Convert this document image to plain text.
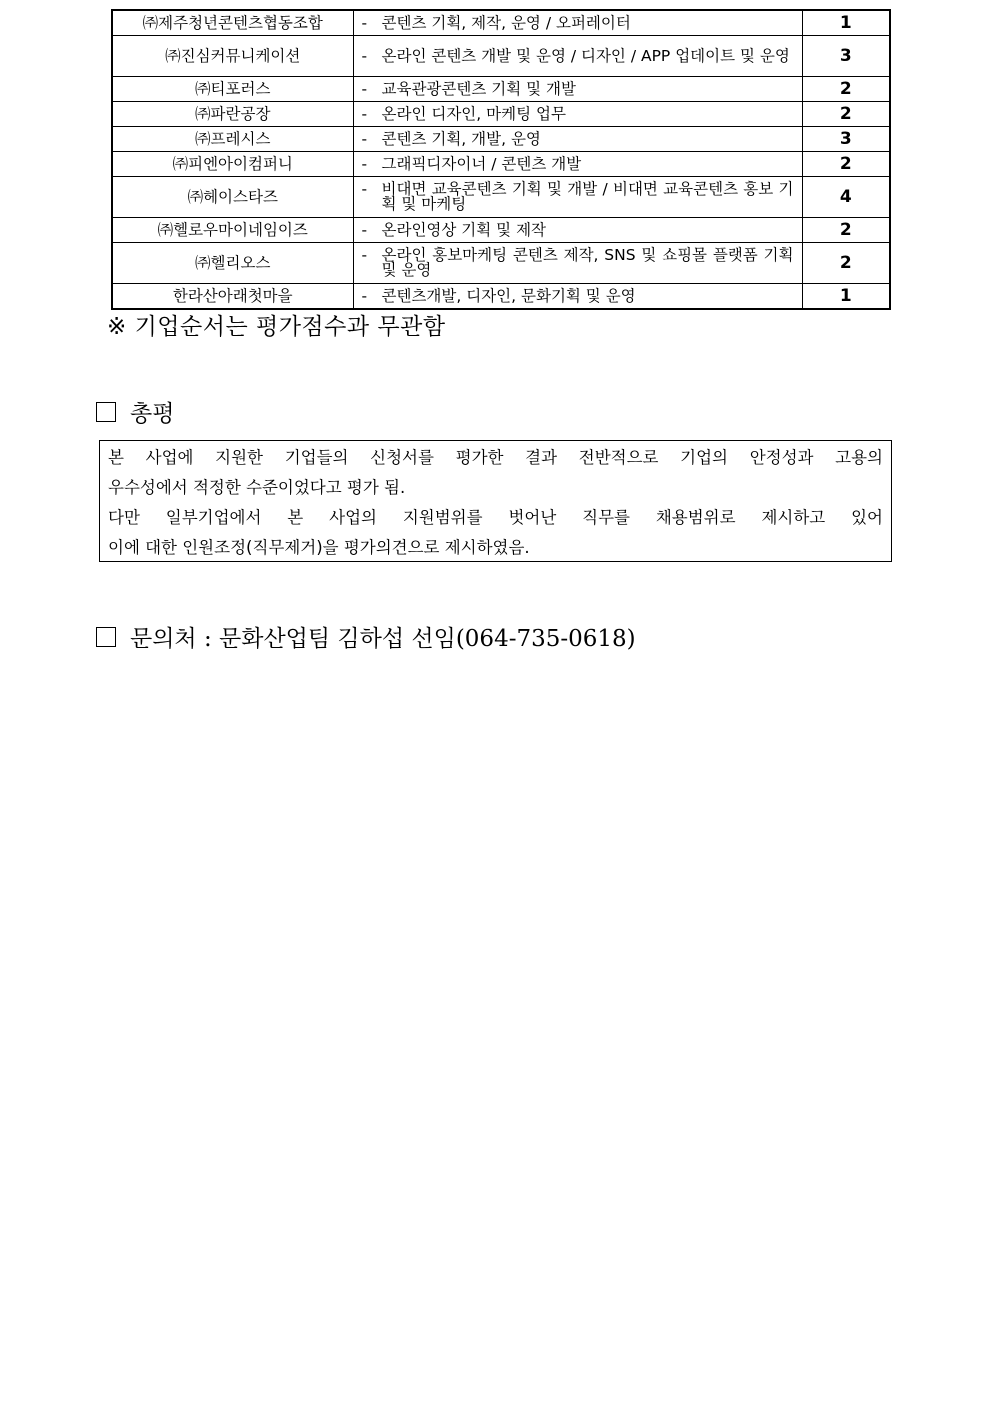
㈜제주청년콘텐츠협동조합	- 콘텐츠 기획, 제작, 운영 / 오퍼레이터	1
㈜진심커뮤니케이션	- 온라인 콘텐츠 개발 및 운영 / 디자인 / APP 업데이트 및 운영	3
㈜티포러스	- 교육관광콘텐츠 기획 및 개발	2
㈜파란공장	- 온라인 디자인, 마케팅 업무	2
㈜프레시스	- 콘텐츠 기획, 개발, 운영	3
㈜피엔아이컴퍼니	- 그래픽디자이너 / 콘텐츠 개발	2
㈜헤이스타즈	- 비대면 교육콘텐츠 기획 및 개발 / 비대면 교육콘텐츠 홍보 기획 및 마케팅	4
㈜헬로우마이네임이즈	- 온라인영상 기획 및 제작	2
㈜헬리오스	- 온라인 홍보마케팅 콘텐츠 제작, SNS 및 쇼핑몰 플랫폼 기획 및 운영	2
한라산아래첫마을	- 콘텐츠개발, 디자인, 문화기획 및 운영	1
※ 기업순서는 평가점수과 무관함
총평
본 사업에 지원한 기업들의 신청서를 평가한 결과 전반적으로 기업의 안정성과 고용의
우수성에서 적정한 수준이었다고 평가 됨.
다만 일부기업에서 본 사업의 지원범위를 벗어난 직무를 채용범위로 제시하고 있어
이에 대한 인원조정(직무제거)을 평가의견으로 제시하였음.
문의처 : 문화산업팀 김하섭 선임(064-735-0618)
